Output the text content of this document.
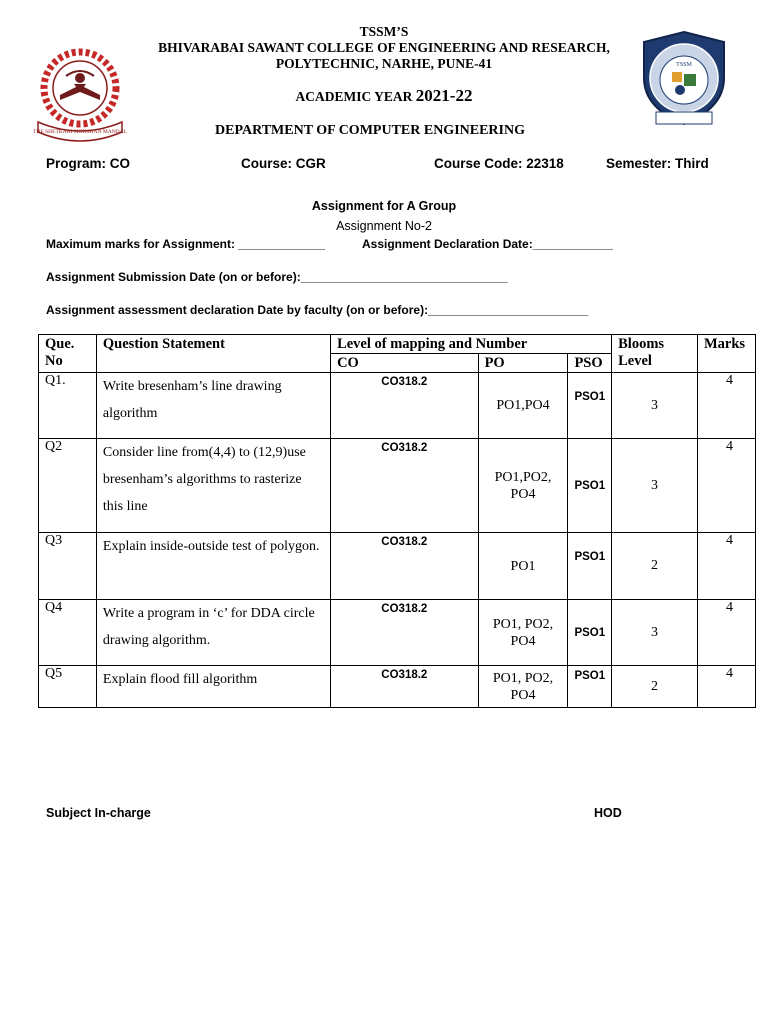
THE SHETKARI SHIKSHAN MANDAL
TSSM
TSSM’S
BHIVARABAI SAWANT COLLEGE OF ENGINEERING AND RESEARCH,
POLYTECHNIC, NARHE, PUNE-41
ACADEMIC YEAR 2021-22
DEPARTMENT OF COMPUTER ENGINEERING
Program: CO	Course: CGR	Course Code: 22318	Semester: Third
Assignment for A Group
Assignment No-2
Maximum marks for Assignment: _____________	Assignment Declaration Date:____________
Assignment Submission Date (on or before):_______________________________
Assignment assessment declaration Date by faculty (on or before):________________________
Que. No	Question Statement	Level of mapping and Number			Blooms Level	Marks
		CO	PO	PSO		
Q1.	Write bresenham’s line drawing algorithm	CO318.2	PO1,PO4	PSO1	3	4
Q2	Consider line from(4,4) to (12,9)use bresenham’s algorithms to rasterize this line	CO318.2	PO1,PO2, PO4	PSO1	3	4
Q3	Explain inside-outside test of polygon.	CO318.2	PO1	PSO1	2	4
Q4	Write a program in ‘c’ for DDA circle drawing algorithm.	CO318.2	PO1, PO2, PO4	PSO1	3	4
Q5	Explain flood fill algorithm	CO318.2	PO1, PO2, PO4	PSO1	2	4
Subject In-charge	HOD
